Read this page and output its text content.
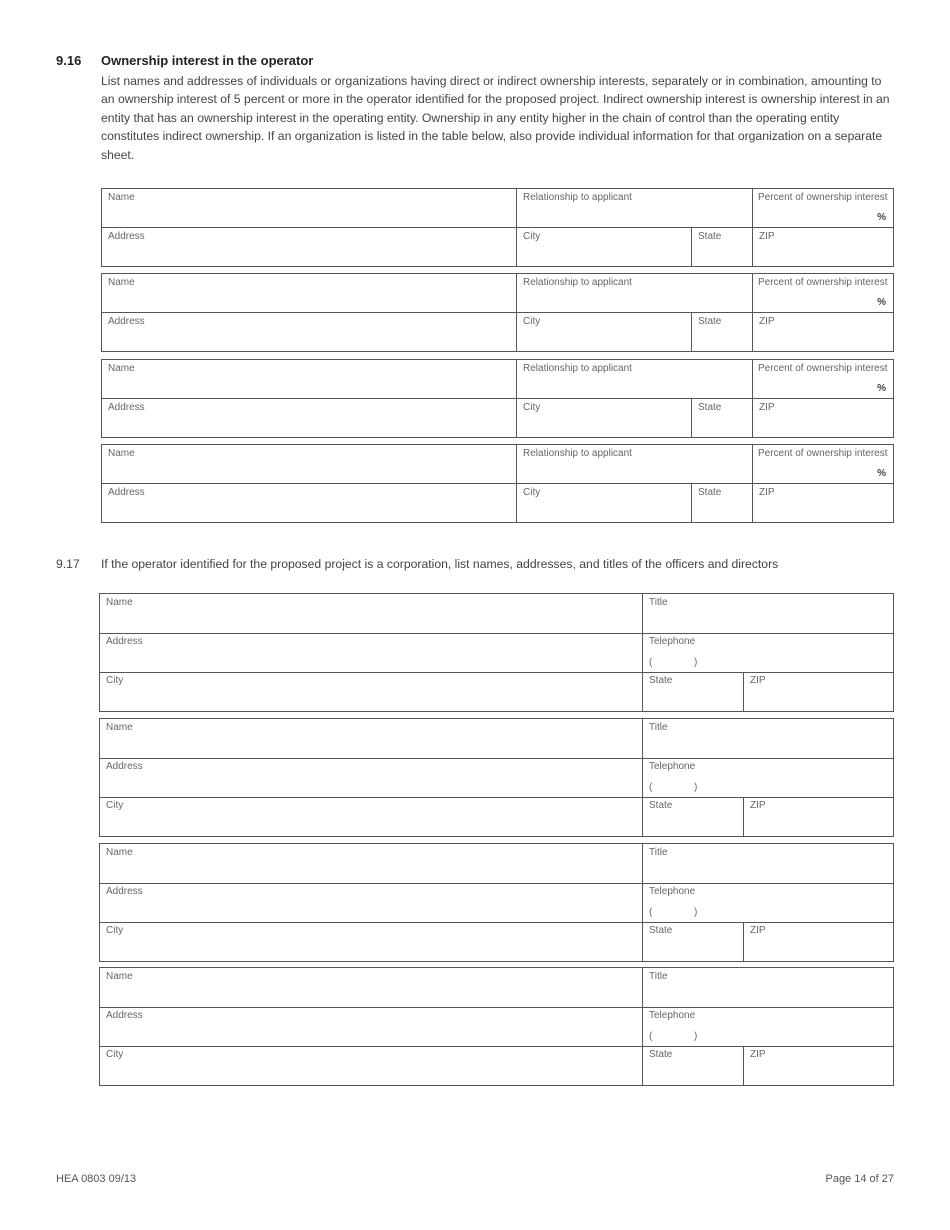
9.16 Ownership interest in the operator
List names and addresses of individuals or organizations having direct or indirect ownership interests, separately or in combination, amounting to an ownership interest of 5 percent or more in the operator identified for the proposed project. Indirect ownership interest is ownership interest in an entity that has an ownership interest in the operating entity. Ownership in any entity higher in the chain of control than the operating entity constitutes indirect ownership. If an organization is listed in the table below, also provide individual information for that organization on a separate sheet.
Name	Relationship to applicant	Percent of ownership interest
%
Address	City	State	ZIP
Name	Relationship to applicant	Percent of ownership interest
%
Address	City	State	ZIP
Name	Relationship to applicant	Percent of ownership interest
%
Address	City	State	ZIP
Name	Relationship to applicant	Percent of ownership interest
%
Address	City	State	ZIP
9.17 If the operator identified for the proposed project is a corporation, list names, addresses, and titles of the officers and directors
Name	Title
Address	Telephone
(	)
City	State	ZIP
Name	Title
Address	Telephone
(	)
City	State	ZIP
Name	Title
Address	Telephone
(	)
City	State	ZIP
Name	Title
Address	Telephone
(	)
City	State	ZIP
HEA 0803 09/13	Page 14 of 27
